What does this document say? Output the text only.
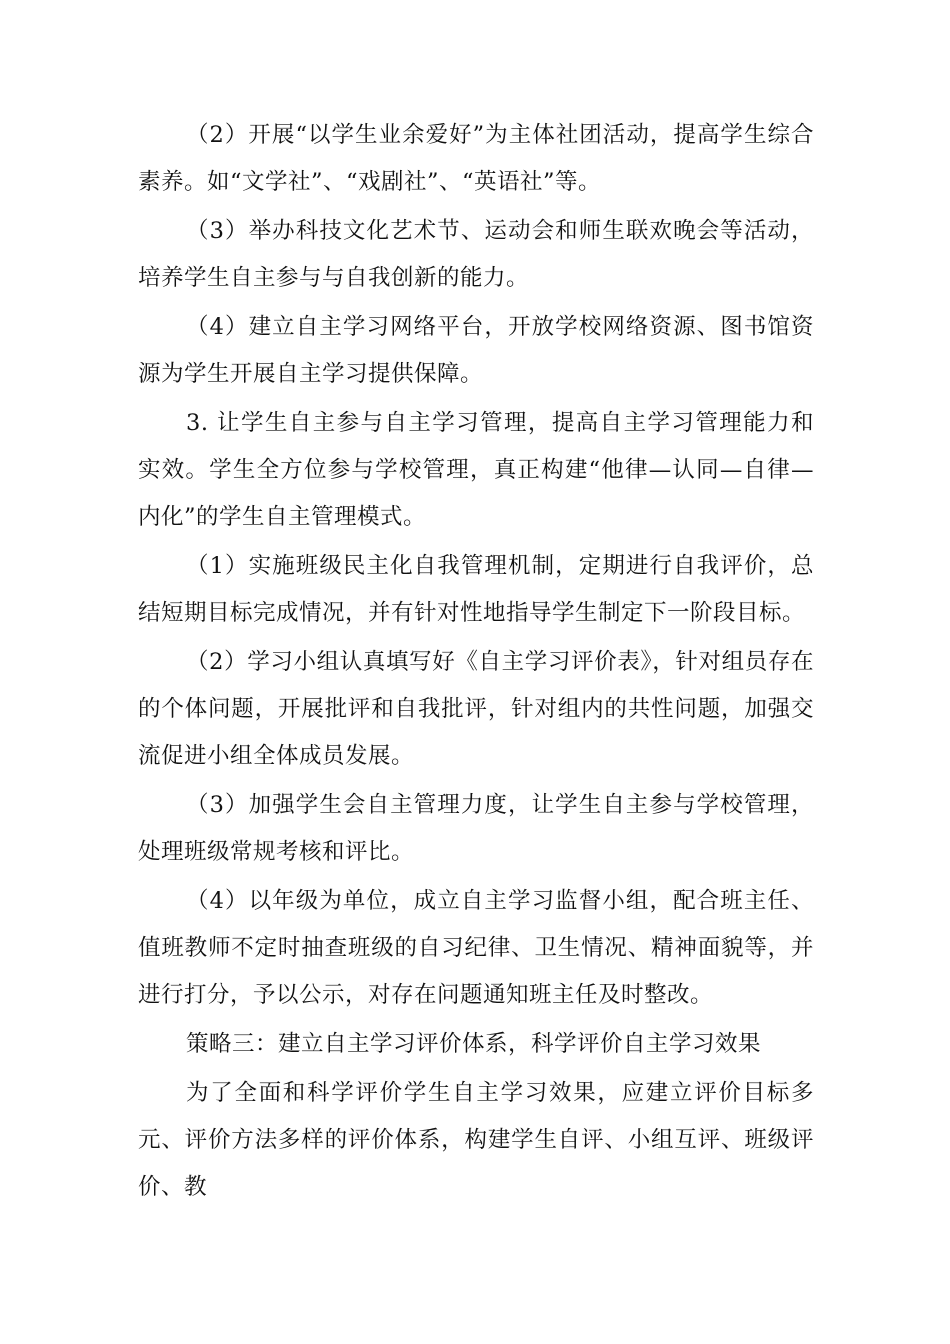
（2）开展“以学生业余爱好”为主体社团活动，提高学生综合素养。如“文学社”、“戏剧社”、“英语社”等。

（3）举办科技文化艺术节、运动会和师生联欢晚会等活动，培养学生自主参与与自我创新的能力。

（4）建立自主学习网络平台，开放学校网络资源、图书馆资源为学生开展自主学习提供保障。

3. 让学生自主参与自主学习管理，提高自主学习管理能力和实效。学生全方位参与学校管理，真正构建“他律—认同—自律—内化”的学生自主管理模式。

（1）实施班级民主化自我管理机制，定期进行自我评价，总结短期目标完成情况，并有针对性地指导学生制定下一阶段目标。

（2）学习小组认真填写好《自主学习评价表》，针对组员存在的个体问题，开展批评和自我批评，针对组内的共性问题，加强交流促进小组全体成员发展。

（3）加强学生会自主管理力度，让学生自主参与学校管理，处理班级常规考核和评比。

（4）以年级为单位，成立自主学习监督小组，配合班主任、值班教师不定时抽查班级的自习纪律、卫生情况、精神面貌等，并进行打分，予以公示，对存在问题通知班主任及时整改。

策略三：建立自主学习评价体系，科学评价自主学习效果

为了全面和科学评价学生自主学习效果，应建立评价目标多元、评价方法多样的评价体系，构建学生自评、小组互评、班级评价、教
